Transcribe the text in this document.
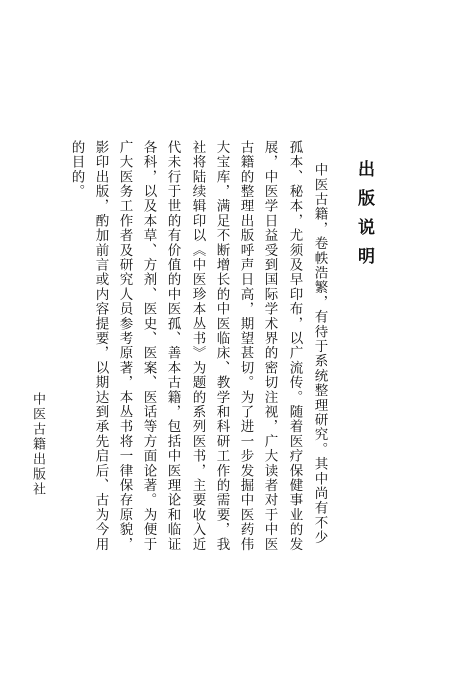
出版说明
　中医古籍，卷帙浩繁，有待于系统整理研究。其中尚有不少
孤本、秘本，尤须及早印布，以广流传。随着医疗保健事业的发
展，中医学日益受到国际学术界的密切注视，广大读者对于中医
古籍的整理出版呼声日高，期望甚切。为了进一步发掘中医药伟
大宝库，满足不断增长的中医临床、教学和科研工作的需要，我
社将陆续辑印以《中医珍本丛书》为题的系列医书，主要收入近
代未行于世的有价值的中医孤、善本古籍，包括中医理论和临证
各科，以及本草、方剂、医史、医案、医话等方面论著。为便于
广大医务工作者及研究人员参考原著，本丛书将一律保存原貌，
影印出版，酌加前言或内容提要，以期达到承先启后、古为今用
的目的。
中医古籍出版社
